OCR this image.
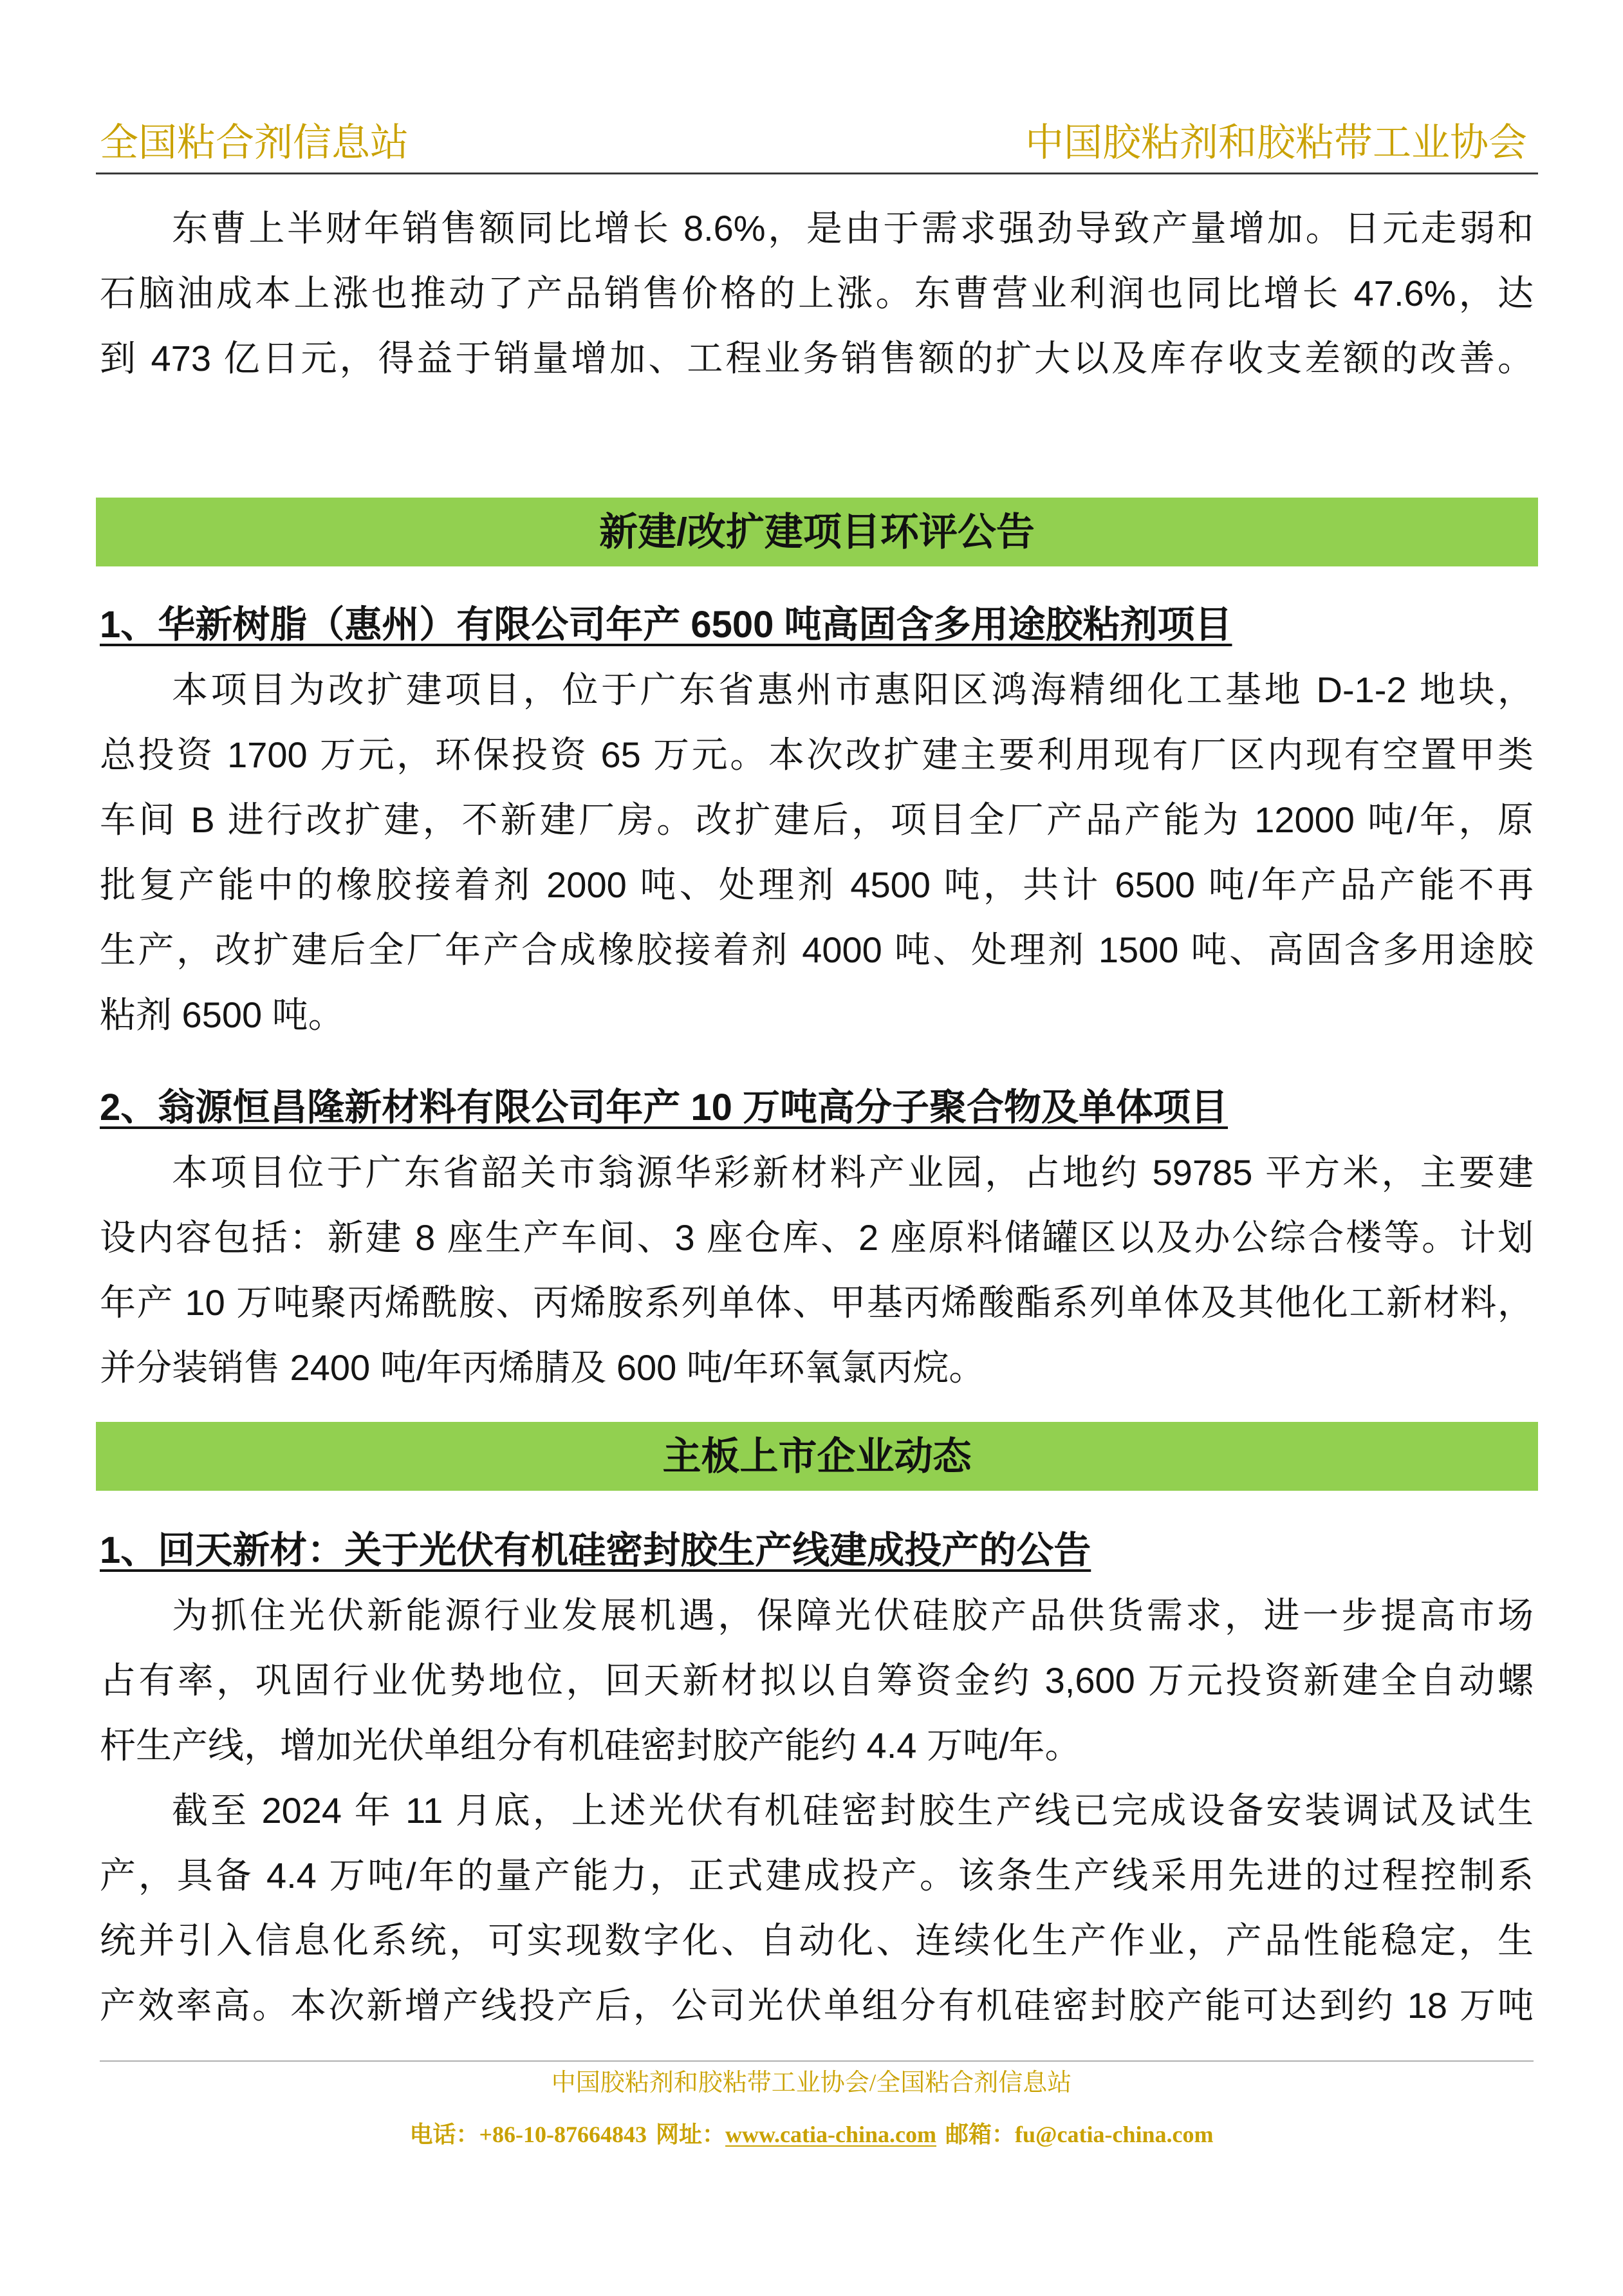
全国粘合剂信息站	中国胶粘剂和胶粘带工业协会
东曹上半财年销售额同比增长 8.6%，是由于需求强劲导致产量增加。日元走弱和
石脑油成本上涨也推动了产品销售价格的上涨。东曹营业利润也同比增长 47.6%，达
到 473 亿日元，得益于销量增加、工程业务销售额的扩大以及库存收支差额的改善。
新建/改扩建项目环评公告
1、华新树脂（惠州）有限公司年产 6500 吨高固含多用途胶粘剂项目
本项目为改扩建项目，位于广东省惠州市惠阳区鸿海精细化工基地 D-1-2 地块，
总投资 1700 万元，环保投资 65 万元。本次改扩建主要利用现有厂区内现有空置甲类
车间 B 进行改扩建，不新建厂房。改扩建后，项目全厂产品产能为 12000 吨/年，原
批复产能中的橡胶接着剂 2000 吨、处理剂 4500 吨，共计 6500 吨/年产品产能不再
生产，改扩建后全厂年产合成橡胶接着剂 4000 吨、处理剂 1500 吨、高固含多用途胶
粘剂 6500 吨。
2、翁源恒昌隆新材料有限公司年产 10 万吨高分子聚合物及单体项目
本项目位于广东省韶关市翁源华彩新材料产业园，占地约 59785 平方米，主要建
设内容包括：新建 8 座生产车间、3 座仓库、2 座原料储罐区以及办公综合楼等。计划
年产 10 万吨聚丙烯酰胺、丙烯胺系列单体、甲基丙烯酸酯系列单体及其他化工新材料，
并分装销售 2400 吨/年丙烯腈及 600 吨/年环氧氯丙烷。
主板上市企业动态
1、回天新材：关于光伏有机硅密封胶生产线建成投产的公告
为抓住光伏新能源行业发展机遇，保障光伏硅胶产品供货需求，进一步提高市场
占有率，巩固行业优势地位，回天新材拟以自筹资金约 3,600 万元投资新建全自动螺
杆生产线，增加光伏单组分有机硅密封胶产能约 4.4 万吨/年。
截至 2024 年 11 月底，上述光伏有机硅密封胶生产线已完成设备安装调试及试生
产，具备 4.4 万吨/年的量产能力，正式建成投产。该条生产线采用先进的过程控制系
统并引入信息化系统，可实现数字化、自动化、连续化生产作业，产品性能稳定，生
产效率高。本次新增产线投产后，公司光伏单组分有机硅密封胶产能可达到约 18 万吨
中国胶粘剂和胶粘带工业协会/全国粘合剂信息站
电话：+86-10-87664843 网址：www.catia-china.com 邮箱：fu@catia-china.com
